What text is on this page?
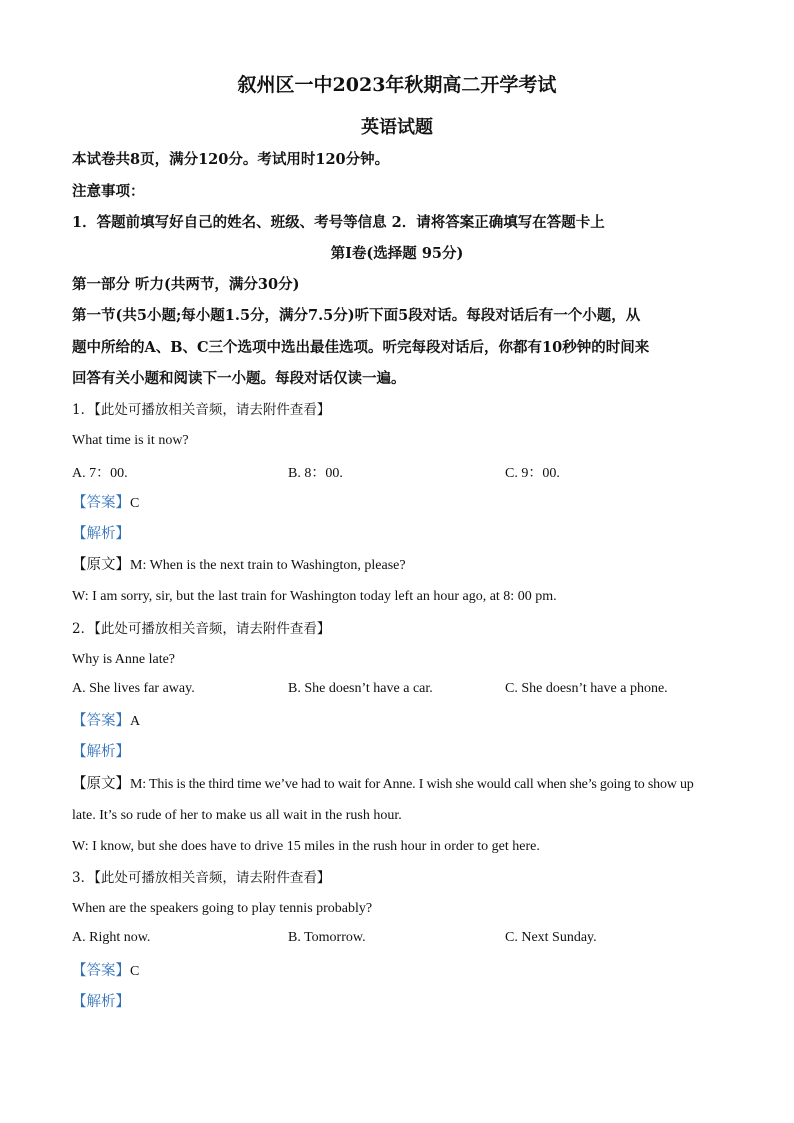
叙州区一中2023年秋期高二开学考试
英语试题
本试卷共8页，满分120分。考试用时120分钟。
注意事项：
1．答题前填写好自己的姓名、班级、考号等信息 2．请将答案正确填写在答题卡上
第I卷(选择题 95分)
第一部分 听力(共两节，满分30分)
第一节(共5小题;每小题1.5分，满分7.5分)听下面5段对话。每段对话后有一个小题，从
题中所给的A、B、C三个选项中选出最佳选项。听完每段对话后，你都有10秒钟的时间来
回答有关小题和阅读下一小题。每段对话仅读一遍。
1．【此处可播放相关音频，请去附件查看】
What time is it now?
A. 7：00.	B. 8：00.	C. 9：00.
【答案】C
【解析】
【原文】M: When is the next train to Washington, please?
W: I am sorry, sir, but the last train for Washington today left an hour ago, at 8: 00 pm.
2．【此处可播放相关音频，请去附件查看】
Why is Anne late?
A. She lives far away.	B. She doesn’t have a car.	C. She doesn’t have a phone.
【答案】A
【解析】
【原文】M: This is the third time we’ve had to wait for Anne. I wish she would call when she’s going to show up
late. It’s so rude of her to make us all wait in the rush hour.
W: I know, but she does have to drive 15 miles in the rush hour in order to get here.
3．【此处可播放相关音频，请去附件查看】
When are the speakers going to play tennis probably?
A. Right now.	B. Tomorrow.	C. Next Sunday.
【答案】C
【解析】
